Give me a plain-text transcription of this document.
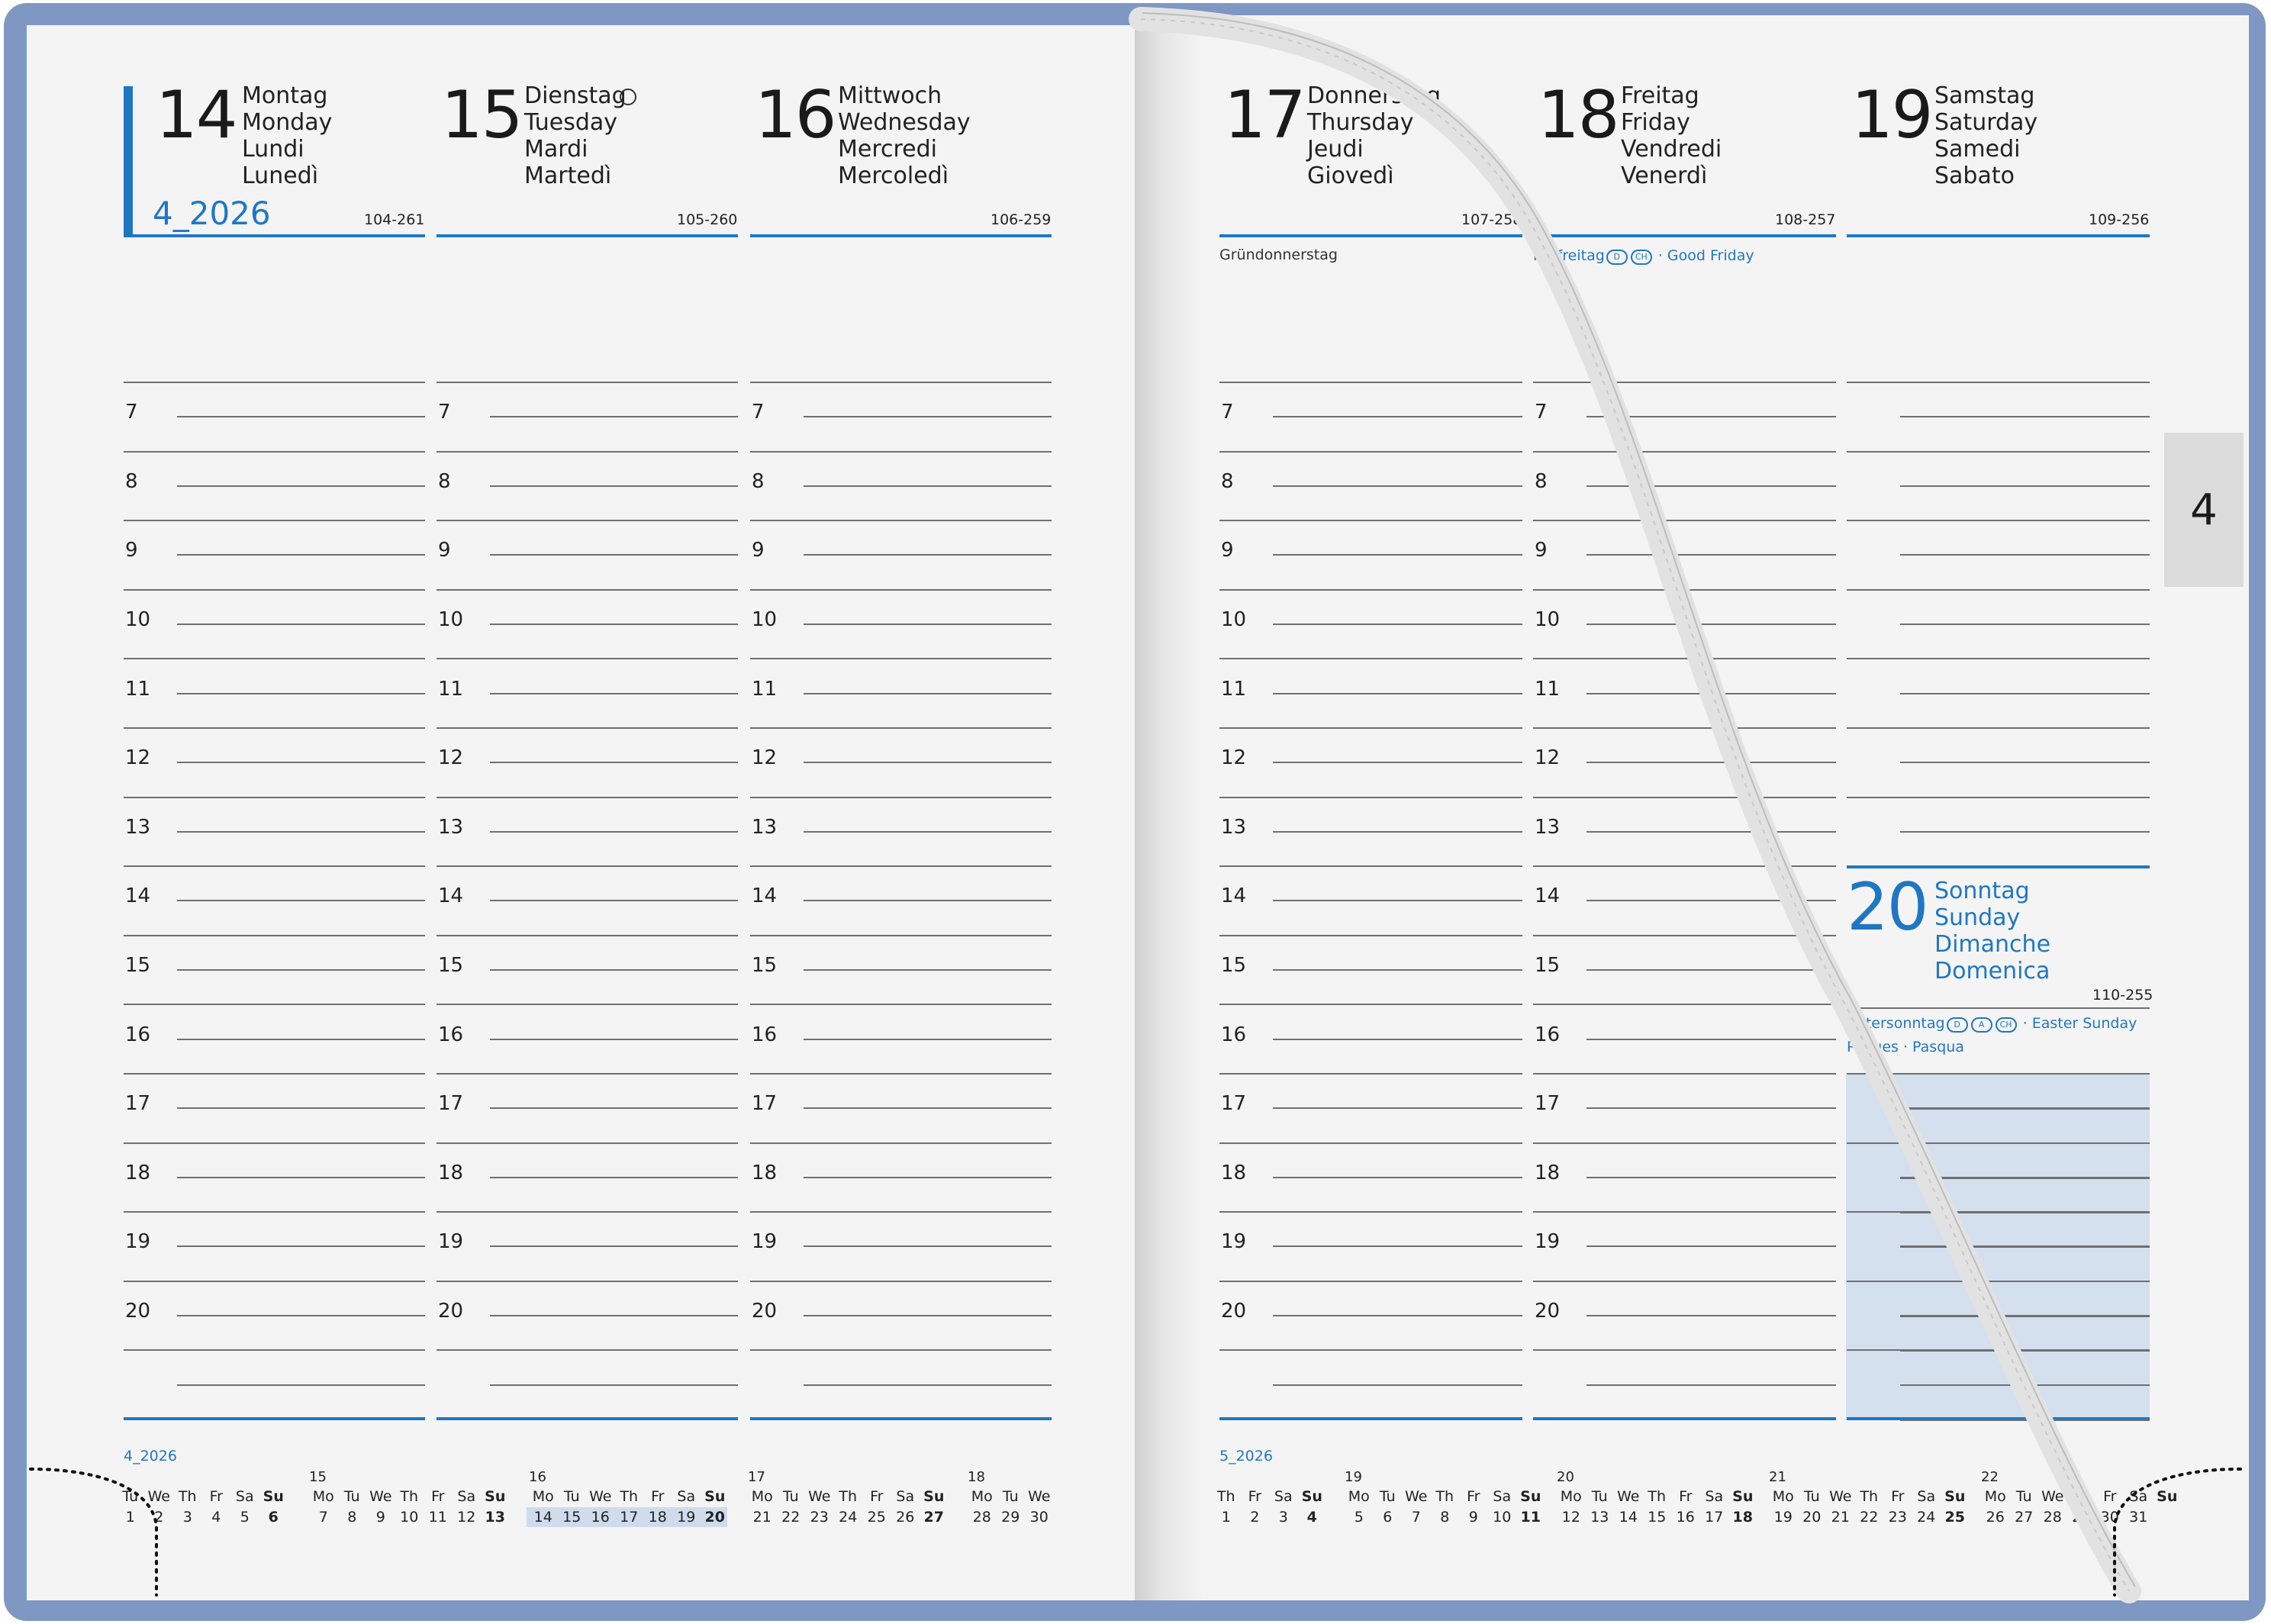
4
4_2026
14 Montag
Monday
Lundi
Lunedì
104-261
7
8
9
10
11
12
13
14
15
16
17
18
19
20
15 Dienstag
Tuesday
Mardi
Martedì
105-260
7
8
9
10
11
12
13
14
15
16
17
18
19
20
16 Mittwoch
Wednesday
Mercredi
Mercoledì
106-259
7
8
9
10
11
12
13
14
15
16
17
18
19
20
17 Donnerstag
Thursday
Jeudi
Giovedì
107-258
Gründonnerstag
7
8
9
10
11
12
13
14
15
16
17
18
19
20
18 Freitag
Friday
Vendredi
Venerdì
108-257
Karfreitag D CH · Good Friday
7
8
9
10
11
12
13
14
15
16
17
18
19
20
19 Samstag
Saturday
Samedi
Sabato
109-256
20 Sonntag
Sunday
Dimanche
Domenica
110-255
Ostersonntag D A CH · Easter Sunday
Pâques · Pasqua
4_2026
Tu We Th Fr Sa Su
1 2 3 4 5 6
15
Mo Tu We Th Fr Sa Su
7 8 9 10 11 12 13
16
Mo Tu We Th Fr Sa Su
14 15 16 17 18 19 20
17
Mo Tu We Th Fr Sa Su
21 22 23 24 25 26 27
18
Mo Tu We
28 29 30
5_2026
Th Fr Sa Su
1 2 3 4
19
Mo Tu We Th Fr Sa Su
5 6 7 8 9 10 11
20
Mo Tu We Th Fr Sa Su
12 13 14 15 16 17 18
21
Mo Tu We Th Fr Sa Su
19 20 21 22 23 24 25
22
Mo Tu We Th Fr Sa Su
26 27 28 29 30 31
